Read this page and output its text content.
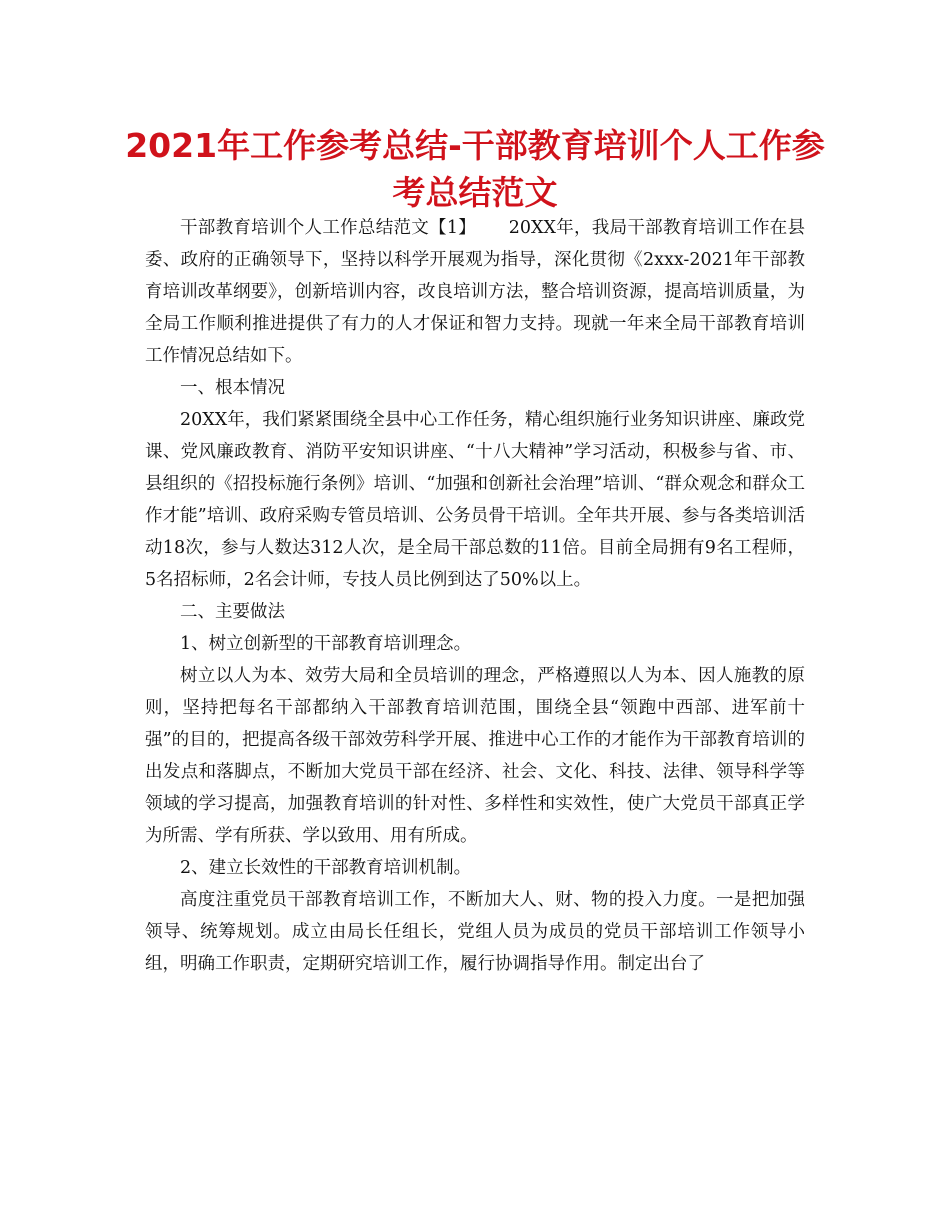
2021年工作参考总结-干部教育培训个人工作参考总结范文

干部教育培训个人工作总结范文【1】　　 20XX年，我局干部教育培训工作在县委、政府的正确领导下，坚持以科学开展观为指导，深化贯彻《2xxx-2021年干部教育培训改革纲要》，创新培训内容，改良培训方法，整合培训资源，提高培训质量，为全局工作顺利推进提供了有力的人才保证和智力支持。现就一年来全局干部教育培训工作情况总结如下。

一、根本情况

20XX年，我们紧紧围绕全县中心工作任务，精心组织施行业务知识讲座、廉政党课、党风廉政教育、消防平安知识讲座、“十八大精神”学习活动，积极参与省、市、县组织的《招投标施行条例》培训、“加强和创新社会治理”培训、“群众观念和群众工作才能”培训、政府采购专管员培训、公务员骨干培训。全年共开展、参与各类培训活动18次，参与人数达312人次，是全局干部总数的11倍。目前全局拥有9名工程师，5名招标师，2名会计师，专技人员比例到达了50%以上。

二、主要做法

1、树立创新型的干部教育培训理念。

树立以人为本、效劳大局和全员培训的理念，严格遵照以人为本、因人施教的原则，坚持把每名干部都纳入干部教育培训范围，围绕全县“领跑中西部、进军前十强”的目的，把提高各级干部效劳科学开展、推进中心工作的才能作为干部教育培训的出发点和落脚点，不断加大党员干部在经济、社会、文化、科技、法律、领导科学等领域的学习提高，加强教育培训的针对性、多样性和实效性，使广大党员干部真正学为所需、学有所获、学以致用、用有所成。

2、建立长效性的干部教育培训机制。

高度注重党员干部教育培训工作，不断加大人、财、物的投入力度。一是把加强领导、统筹规划。成立由局长任组长，党组人员为成员的党员干部培训工作领导小组，明确工作职责，定期研究培训工作，履行协调指导作用。制定出台了
